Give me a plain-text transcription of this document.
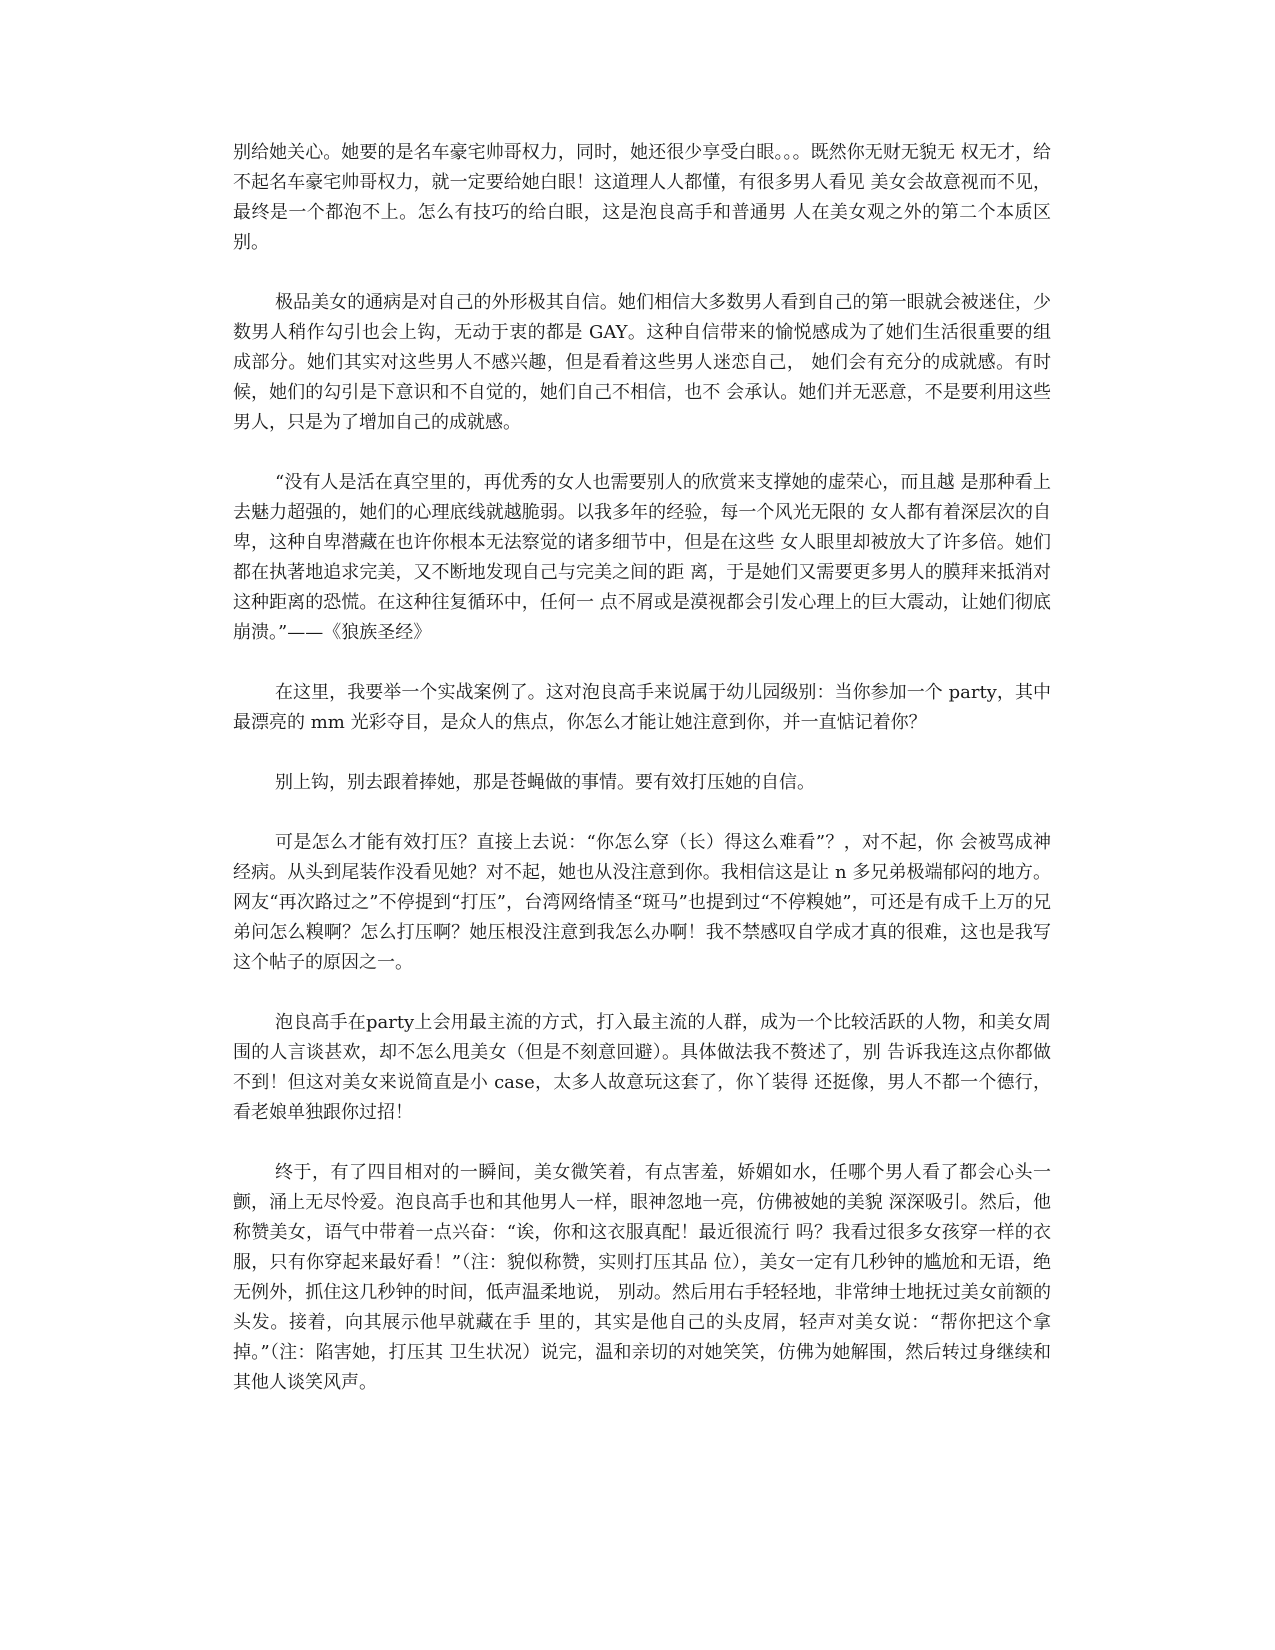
别给她关心。她要的是名车豪宅帅哥权力，同时，她还很少享受白眼。。。既然你无财无貌无 权无才，给不起名车豪宅帅哥权力，就一定要给她白眼！这道理人人都懂，有很多男人看见 美女会故意视而不见，最终是一个都泡不上。怎么有技巧的给白眼，这是泡良高手和普通男 人在美女观之外的第二个本质区别。

极品美女的通病是对自己的外形极其自信。她们相信大多数男人看到自己的第一眼就会被迷住，少数男人稍作勾引也会上钩，无动于衷的都是 GAY。这种自信带来的愉悦感成为了她们生活很重要的组成部分。她们其实对这些男人不感兴趣，但是看着这些男人迷恋自己， 她们会有充分的成就感。有时候，她们的勾引是下意识和不自觉的，她们自己不相信，也不 会承认。她们并无恶意，不是要利用这些男人，只是为了增加自己的成就感。

“没有人是活在真空里的，再优秀的女人也需要别人的欣赏来支撑她的虚荣心，而且越 是那种看上去魅力超强的，她们的心理底线就越脆弱。以我多年的经验，每一个风光无限的 女人都有着深层次的自卑，这种自卑潜藏在也许你根本无法察觉的诸多细节中，但是在这些 女人眼里却被放大了许多倍。她们都在执著地追求完美，又不断地发现自己与完美之间的距 离，于是她们又需要更多男人的膜拜来抵消对这种距离的恐慌。在这种往复循环中，任何一 点不屑或是漠视都会引发心理上的巨大震动，让她们彻底崩溃。”——《狼族圣经》

在这里，我要举一个实战案例了。这对泡良高手来说属于幼儿园级别：当你参加一个 party，其中最漂亮的 mm 光彩夺目，是众人的焦点，你怎么才能让她注意到你，并一直惦记着你？

别上钩，别去跟着捧她，那是苍蝇做的事情。要有效打压她的自信。

可是怎么才能有效打压？直接上去说：“你怎么穿（长）得这么难看”？，对不起，你 会被骂成神经病。从头到尾装作没看见她？对不起，她也从没注意到你。我相信这是让 n 多兄弟极端郁闷的地方。网友“再次路过之”不停提到“打压”，台湾网络情圣“斑马”也提到过“不停糗她”，可还是有成千上万的兄弟问怎么糗啊？怎么打压啊？她压根没注意到我怎么办啊！我不禁感叹自学成才真的很难，这也是我写这个帖子的原因之一。

泡良高手在party上会用最主流的方式，打入最主流的人群，成为一个比较活跃的人物，和美女周围的人言谈甚欢，却不怎么甩美女（但是不刻意回避）。具体做法我不赘述了，别 告诉我连这点你都做不到！但这对美女来说简直是小 case，太多人故意玩这套了，你丫装得 还挺像，男人不都一个德行，看老娘单独跟你过招！

终于，有了四目相对的一瞬间，美女微笑着，有点害羞，娇媚如水，任哪个男人看了都会心头一颤，涌上无尽怜爱。泡良高手也和其他男人一样，眼神忽地一亮，仿佛被她的美貌 深深吸引。然后，他称赞美女，语气中带着一点兴奋：“诶，你和这衣服真配！最近很流行 吗？我看过很多女孩穿一样的衣服，只有你穿起来最好看！”（注：貌似称赞，实则打压其品 位），美女一定有几秒钟的尴尬和无语，绝无例外，抓住这几秒钟的时间，低声温柔地说， 别动。然后用右手轻轻地，非常绅士地抚过美女前额的头发。接着，向其展示他早就藏在手 里的，其实是他自己的头皮屑，轻声对美女说：“帮你把这个拿掉。”（注：陷害她，打压其 卫生状况）说完，温和亲切的对她笑笑，仿佛为她解围，然后转过身继续和其他人谈笑风声。
